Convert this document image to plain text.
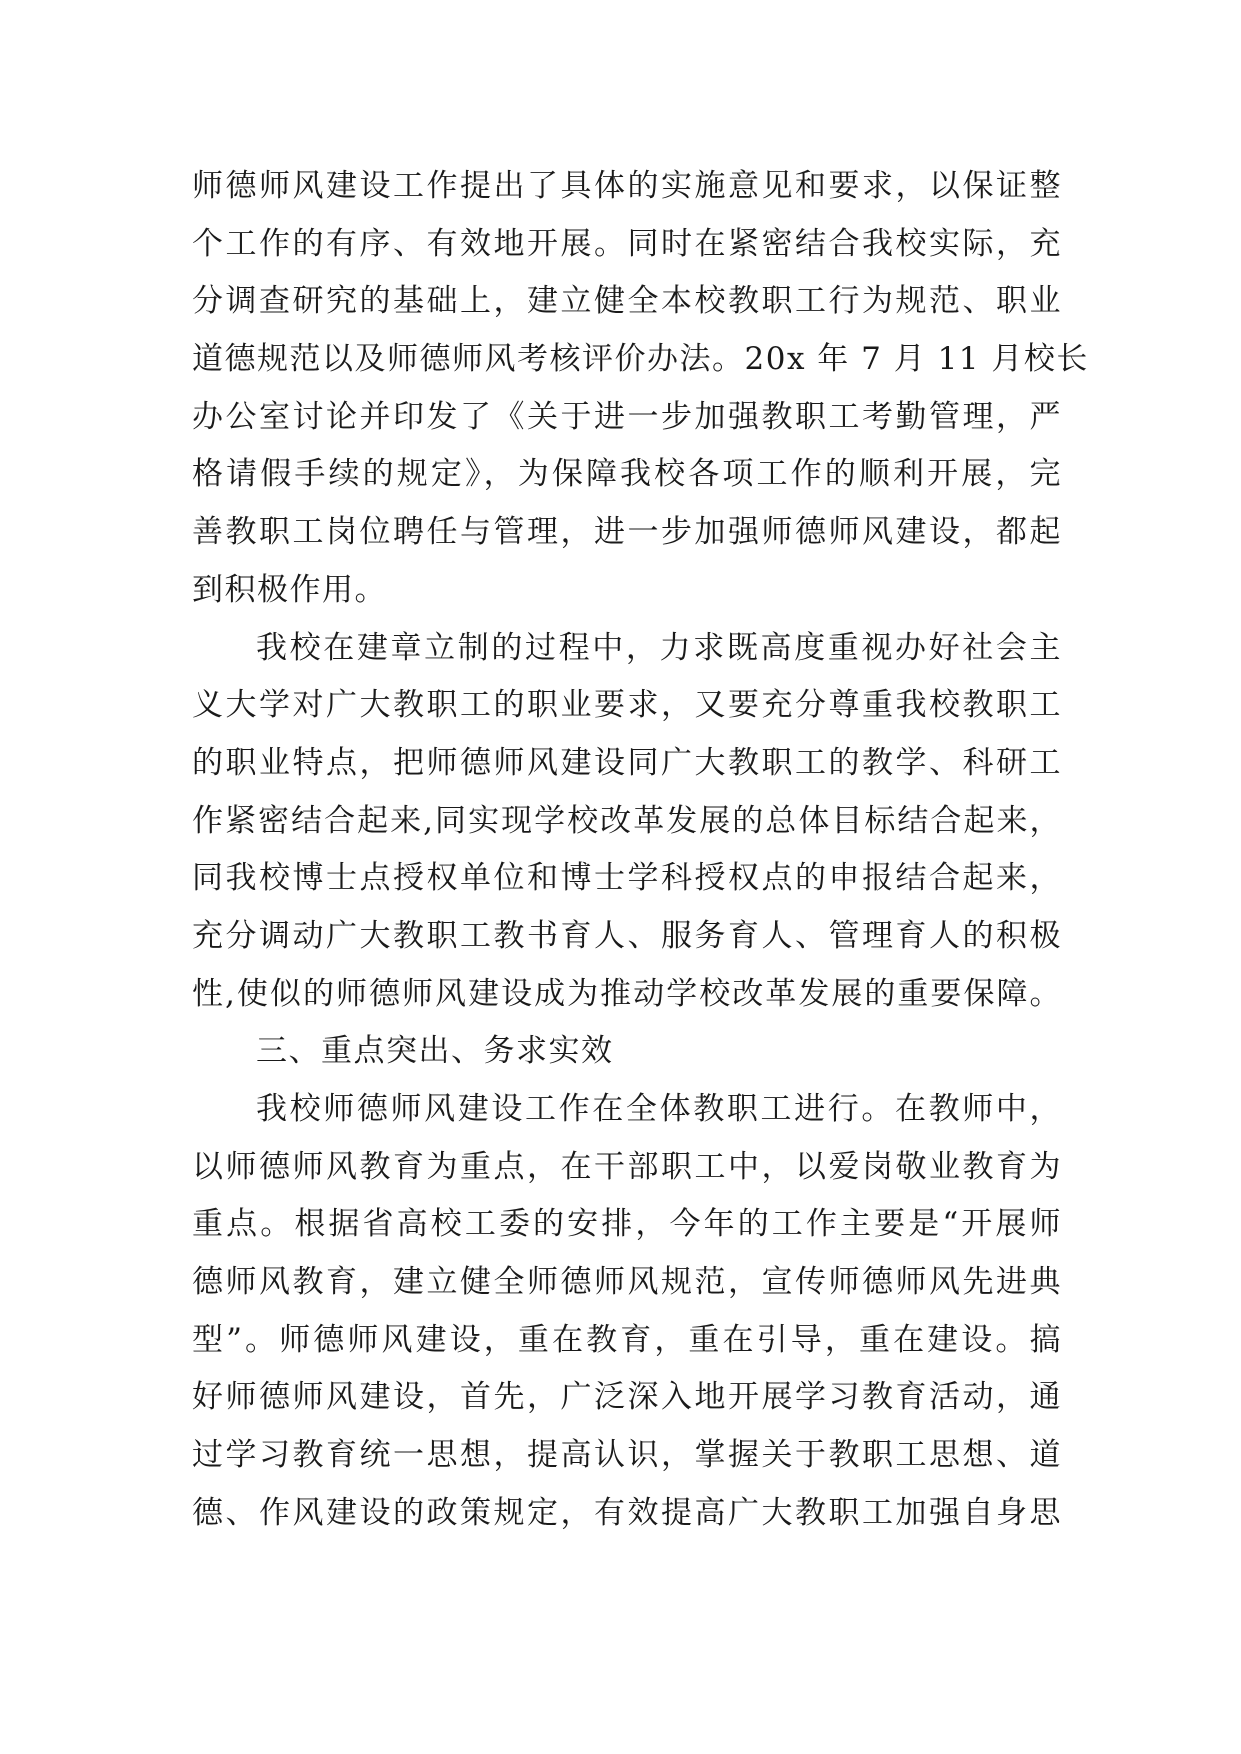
师德师风建设工作提出了具体的实施意见和要求，以保证整
个工作的有序、有效地开展。同时在紧密结合我校实际，充
分调查研究的基础上，建立健全本校教职工行为规范、职业
道德规范以及师德师风考核评价办法。20x 年 7 月 11 月校长
办公室讨论并印发了《关于进一步加强教职工考勤管理，严
格请假手续的规定》，为保障我校各项工作的顺利开展，完
善教职工岗位聘任与管理，进一步加强师德师风建设，都起
到积极作用。
我校在建章立制的过程中，力求既高度重视办好社会主
义大学对广大教职工的职业要求，又要充分尊重我校教职工
的职业特点，把师德师风建设同广大教职工的教学、科研工
作紧密结合起来,同实现学校改革发展的总体目标结合起来，
同我校博士点授权单位和博士学科授权点的申报结合起来，
充分调动广大教职工教书育人、服务育人、管理育人的积极
性,使似的师德师风建设成为推动学校改革发展的重要保障。
三、重点突出、务求实效
我校师德师风建设工作在全体教职工进行。在教师中，
以师德师风教育为重点，在干部职工中，以爱岗敬业教育为
重点。根据省高校工委的安排，今年的工作主要是“开展师
德师风教育，建立健全师德师风规范，宣传师德师风先进典
型”。师德师风建设，重在教育，重在引导，重在建设。搞
好师德师风建设，首先，广泛深入地开展学习教育活动，通
过学习教育统一思想，提高认识，掌握关于教职工思想、道
德、作风建设的政策规定，有效提高广大教职工加强自身思
